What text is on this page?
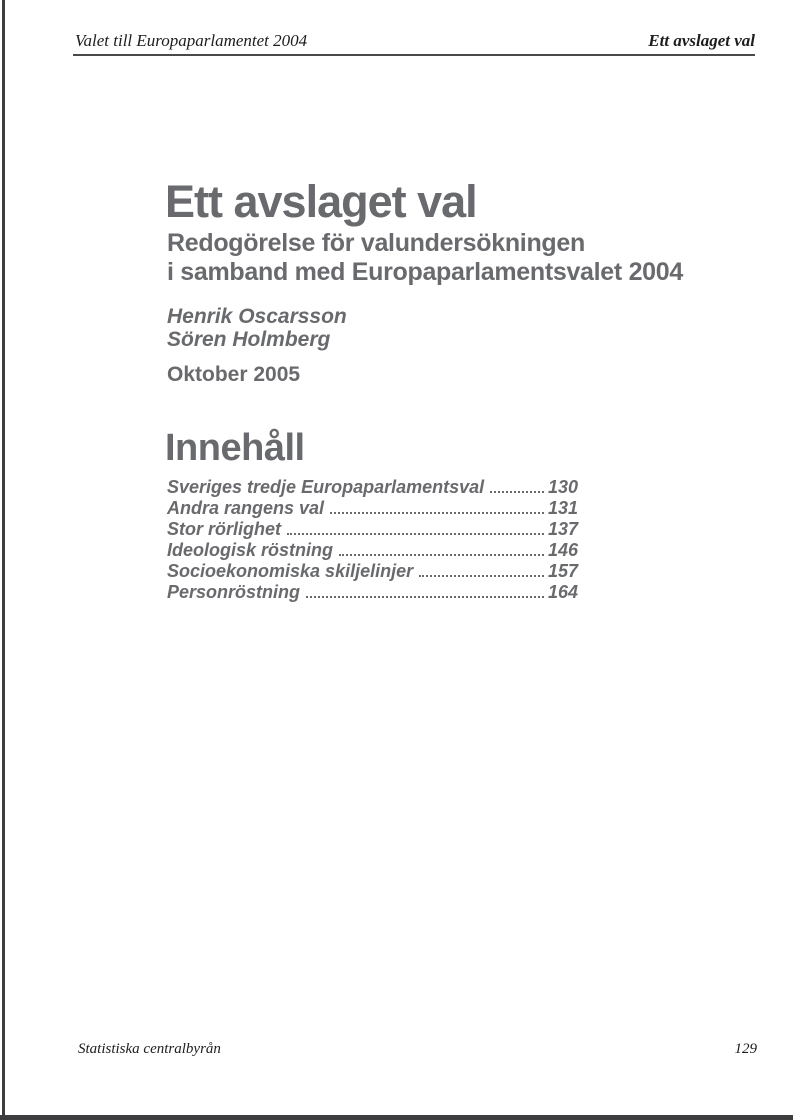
Valet till Europaparlamentet 2004	Ett avslaget val
Ett avslaget val
Redogörelse för valundersökningen
i samband med Europaparlamentsvalet 2004
Henrik Oscarsson
Sören Holmberg
Oktober 2005
Innehåll
Sveriges tredje Europaparlamentsval	130
Andra rangens val	131
Stor rörlighet	137
Ideologisk röstning	146
Socioekonomiska skiljelinjer	157
Personröstning	164
Statistiska centralbyrån	129
